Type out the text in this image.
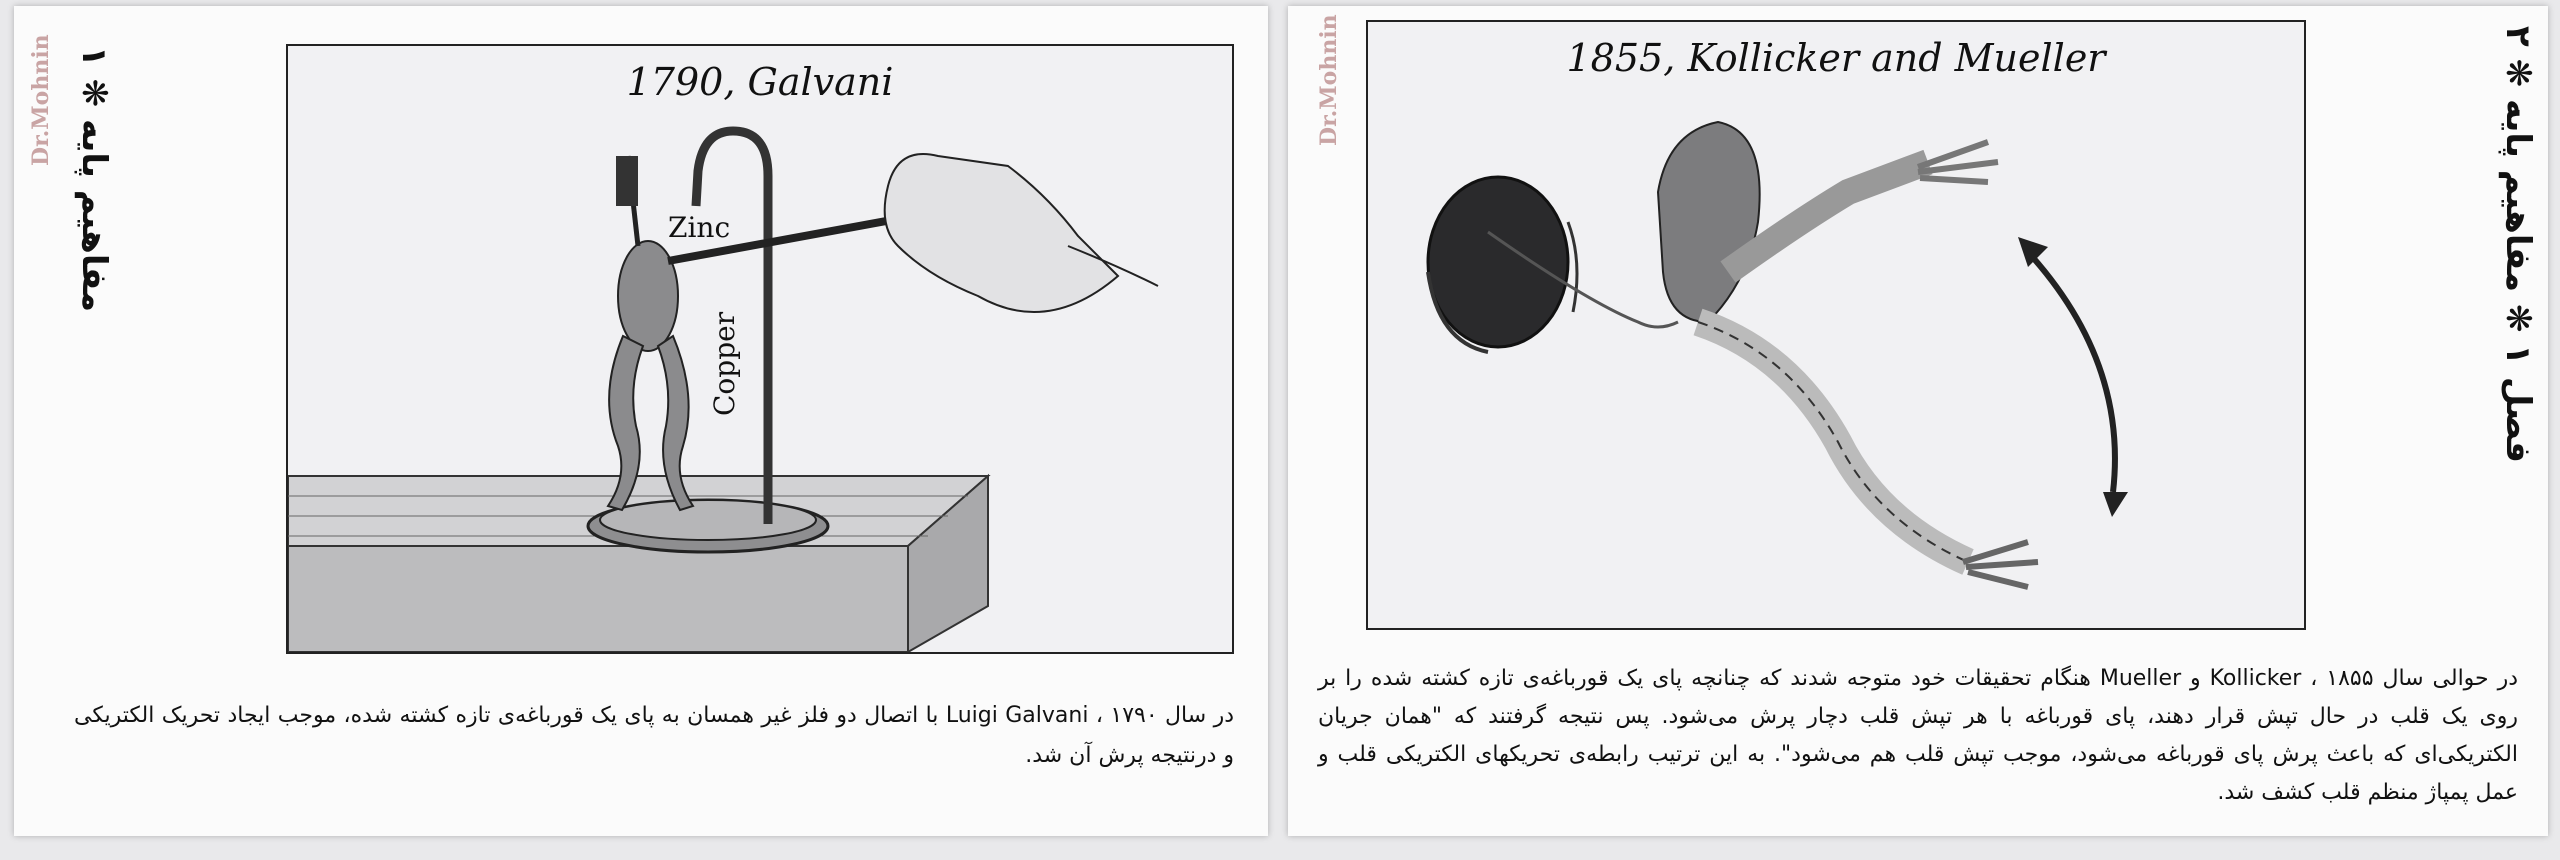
Dr.Mohnin ۱ ❋ مفاهیم پایه
1790, Galvani
Zinc
Copper
در سال ۱۷۹۰ ، Luigi Galvani با اتصال دو فلز غیر همسان به پای یک قورباغه‌ی تازه کشته شده، موجب ایجاد تحریک الکتریکی و درنتیجه پرش آن شد.
Dr.Mohnin	۲ ❋ فصل ۱ ❋ مفاهیم پایه
1855, Kollicker and Mueller
در حوالی سال ۱۸۵۵ ، Kollicker و Mueller هنگام تحقیقات خود متوجه شدند که چنانچه پای یک قورباغه‌ی تازه کشته شده را بر روی یک قلب در حال تپش قرار دهند، پای قورباغه با هر تپش قلب دچار پرش می‌شود. پس نتیجه گرفتند که "همان جریان الکتریکی‌ای که باعث پرش پای قورباغه می‌شود، موجب تپش قلب هم می‌شود". به این ترتیب رابطه‌ی تحریکهای الکتریکی قلب و عمل پمپاژ منظم قلب کشف شد.
